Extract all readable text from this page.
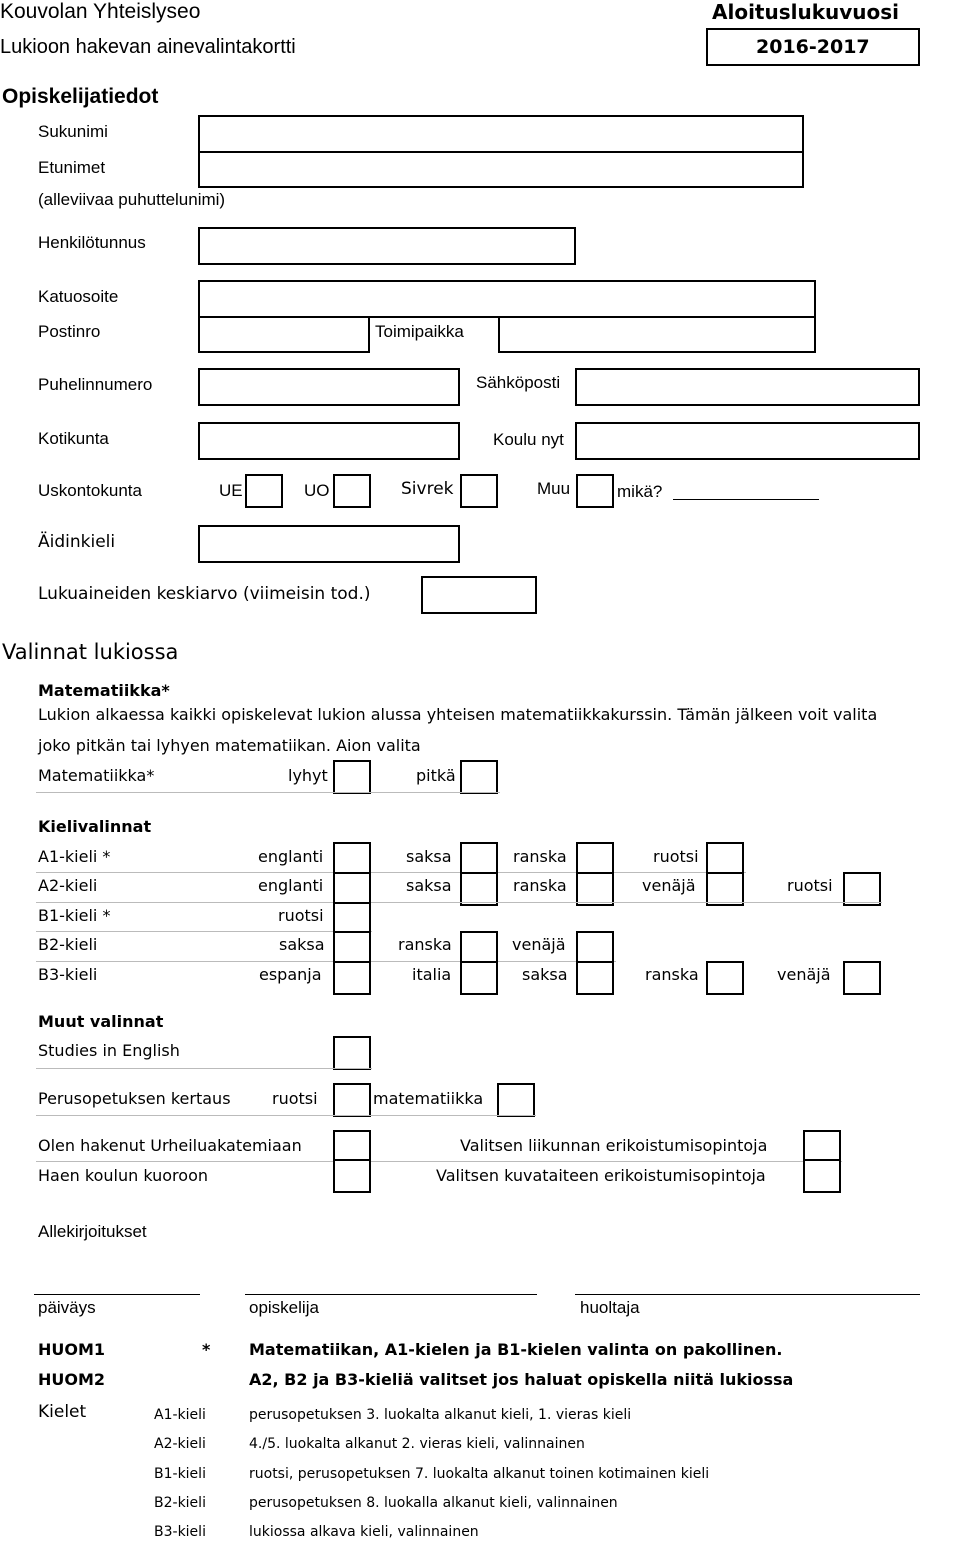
Kouvolan Yhteislyseo
Lukioon hakevan ainevalintakortti
Aloituslukuvuosi
2016-2017
Opiskelijatiedot
Sukunimi
Etunimet
(alleviivaa puhuttelunimi)
Henkilötunnus
Katuosoite
Postinro	Toimipaikka
Puhelinnumero	Sähköposti
Kotikunta	Koulu nyt
Uskontokunta	UE	UO	Sivrek	Muu	mikä?
Äidinkieli
Lukuaineiden keskiarvo (viimeisin tod.)
Valinnat lukiossa
Matematiikka*
Lukion alkaessa kaikki opiskelevat lukion alussa yhteisen matematiikkakurssin. Tämän jälkeen voit valita
joko pitkän tai lyhyen matematiikan. Aion valita
Matematiikka*	lyhyt	pitkä
Kielivalinnat
A1-kieli *	englanti	saksa	ranska	ruotsi
A2-kieli	englanti	saksa	ranska	venäjä	ruotsi
B1-kieli *	ruotsi
B2-kieli	saksa	ranska	venäjä
B3-kieli	espanja	italia	saksa	ranska	venäjä
Muut valinnat
Studies in English
Perusopetuksen kertaus	ruotsi	matematiikka
Olen hakenut Urheiluakatemiaan	Valitsen liikunnan erikoistumisopintoja
Haen koulun kuoroon	Valitsen kuvataiteen erikoistumisopintoja
Allekirjoitukset
päiväys	opiskelija	huoltaja
HUOM1	* Matematiikan, A1-kielen ja B1-kielen valinta on pakollinen.
HUOM2	A2, B2 ja B3-kieliä valitset jos haluat opiskella niitä lukiossa
Kielet	A1-kieli	perusopetuksen 3. luokalta alkanut kieli, 1. vieras kieli
A2-kieli	4./5. luokalta alkanut 2. vieras kieli, valinnainen
B1-kieli	ruotsi, perusopetuksen 7. luokalta alkanut toinen kotimainen kieli
B2-kieli	perusopetuksen 8. luokalla alkanut kieli, valinnainen
B3-kieli	lukiossa alkava kieli, valinnainen
